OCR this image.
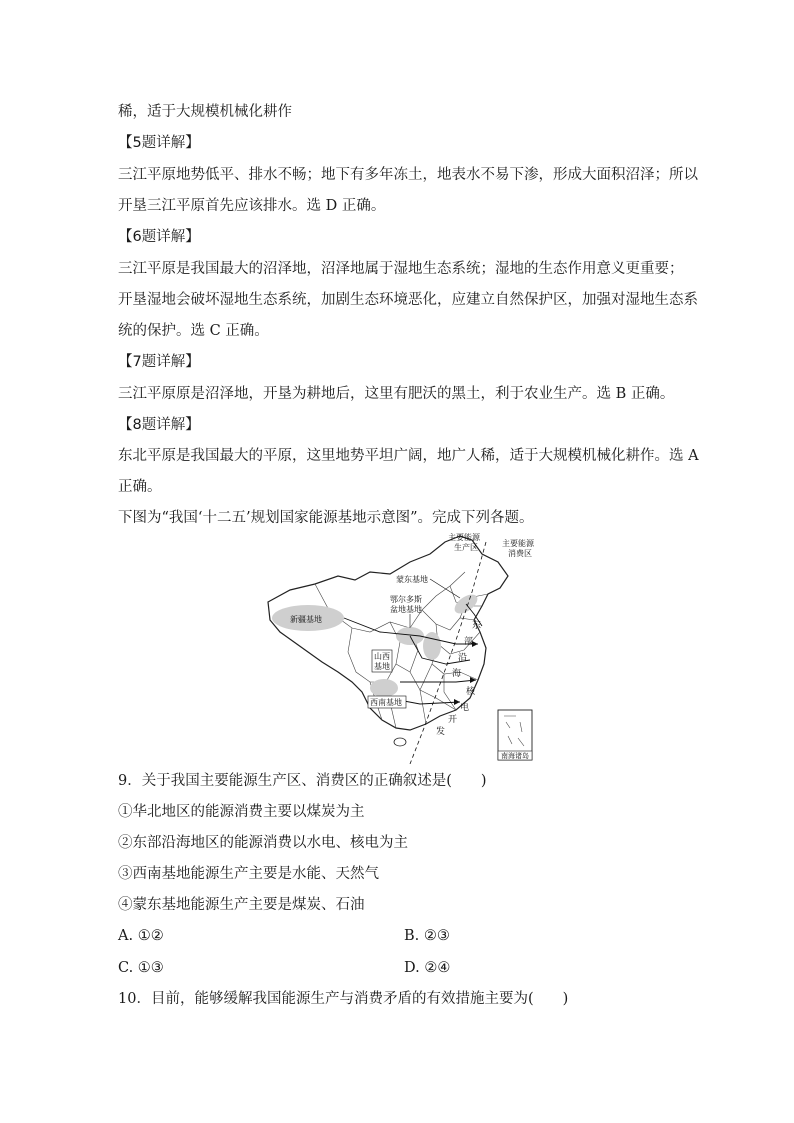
稀，适于大规模机械化耕作
【5题详解】
三江平原地势低平、排水不畅；地下有多年冻土，地表水不易下渗，形成大面积沼泽；所以
开垦三江平原首先应该排水。选 D 正确。
【6题详解】
三江平原是我国最大的沼泽地，沼泽地属于湿地生态系统；湿地的生态作用意义更重要；
开垦湿地会破坏湿地生态系统，加剧生态环境恶化，应建立自然保护区，加强对湿地生态系
统的保护。选 C 正确。
【7题详解】
三江平原原是沼泽地，开垦为耕地后，这里有肥沃的黑土，利于农业生产。选 B 正确。
【8题详解】
东北平原是我国最大的平原，这里地势平坦广阔，地广人稀，适于大规模机械化耕作。选 A
正确。
下图为“我国‘十二五’规划国家能源基地示意图”。完成下列各题。
主要能源
生产区	主要能源
消费区
蒙东基地
鄂尔多斯
盆地基地
新疆基地
山西
基地
西南基地
东
部
沿
海
核
电
开
发
南海诸岛
9．关于我国主要能源生产区、消费区的正确叙述是(　　)
①华北地区的能源消费主要以煤炭为主
②东部沿海地区的能源消费以水电、核电为主
③西南基地能源生产主要是水能、天然气
④蒙东基地能源生产主要是煤炭、石油
A. ①②	B. ②③
C. ①③	D. ②④
10．目前，能够缓解我国能源生产与消费矛盾的有效措施主要为(　　)
